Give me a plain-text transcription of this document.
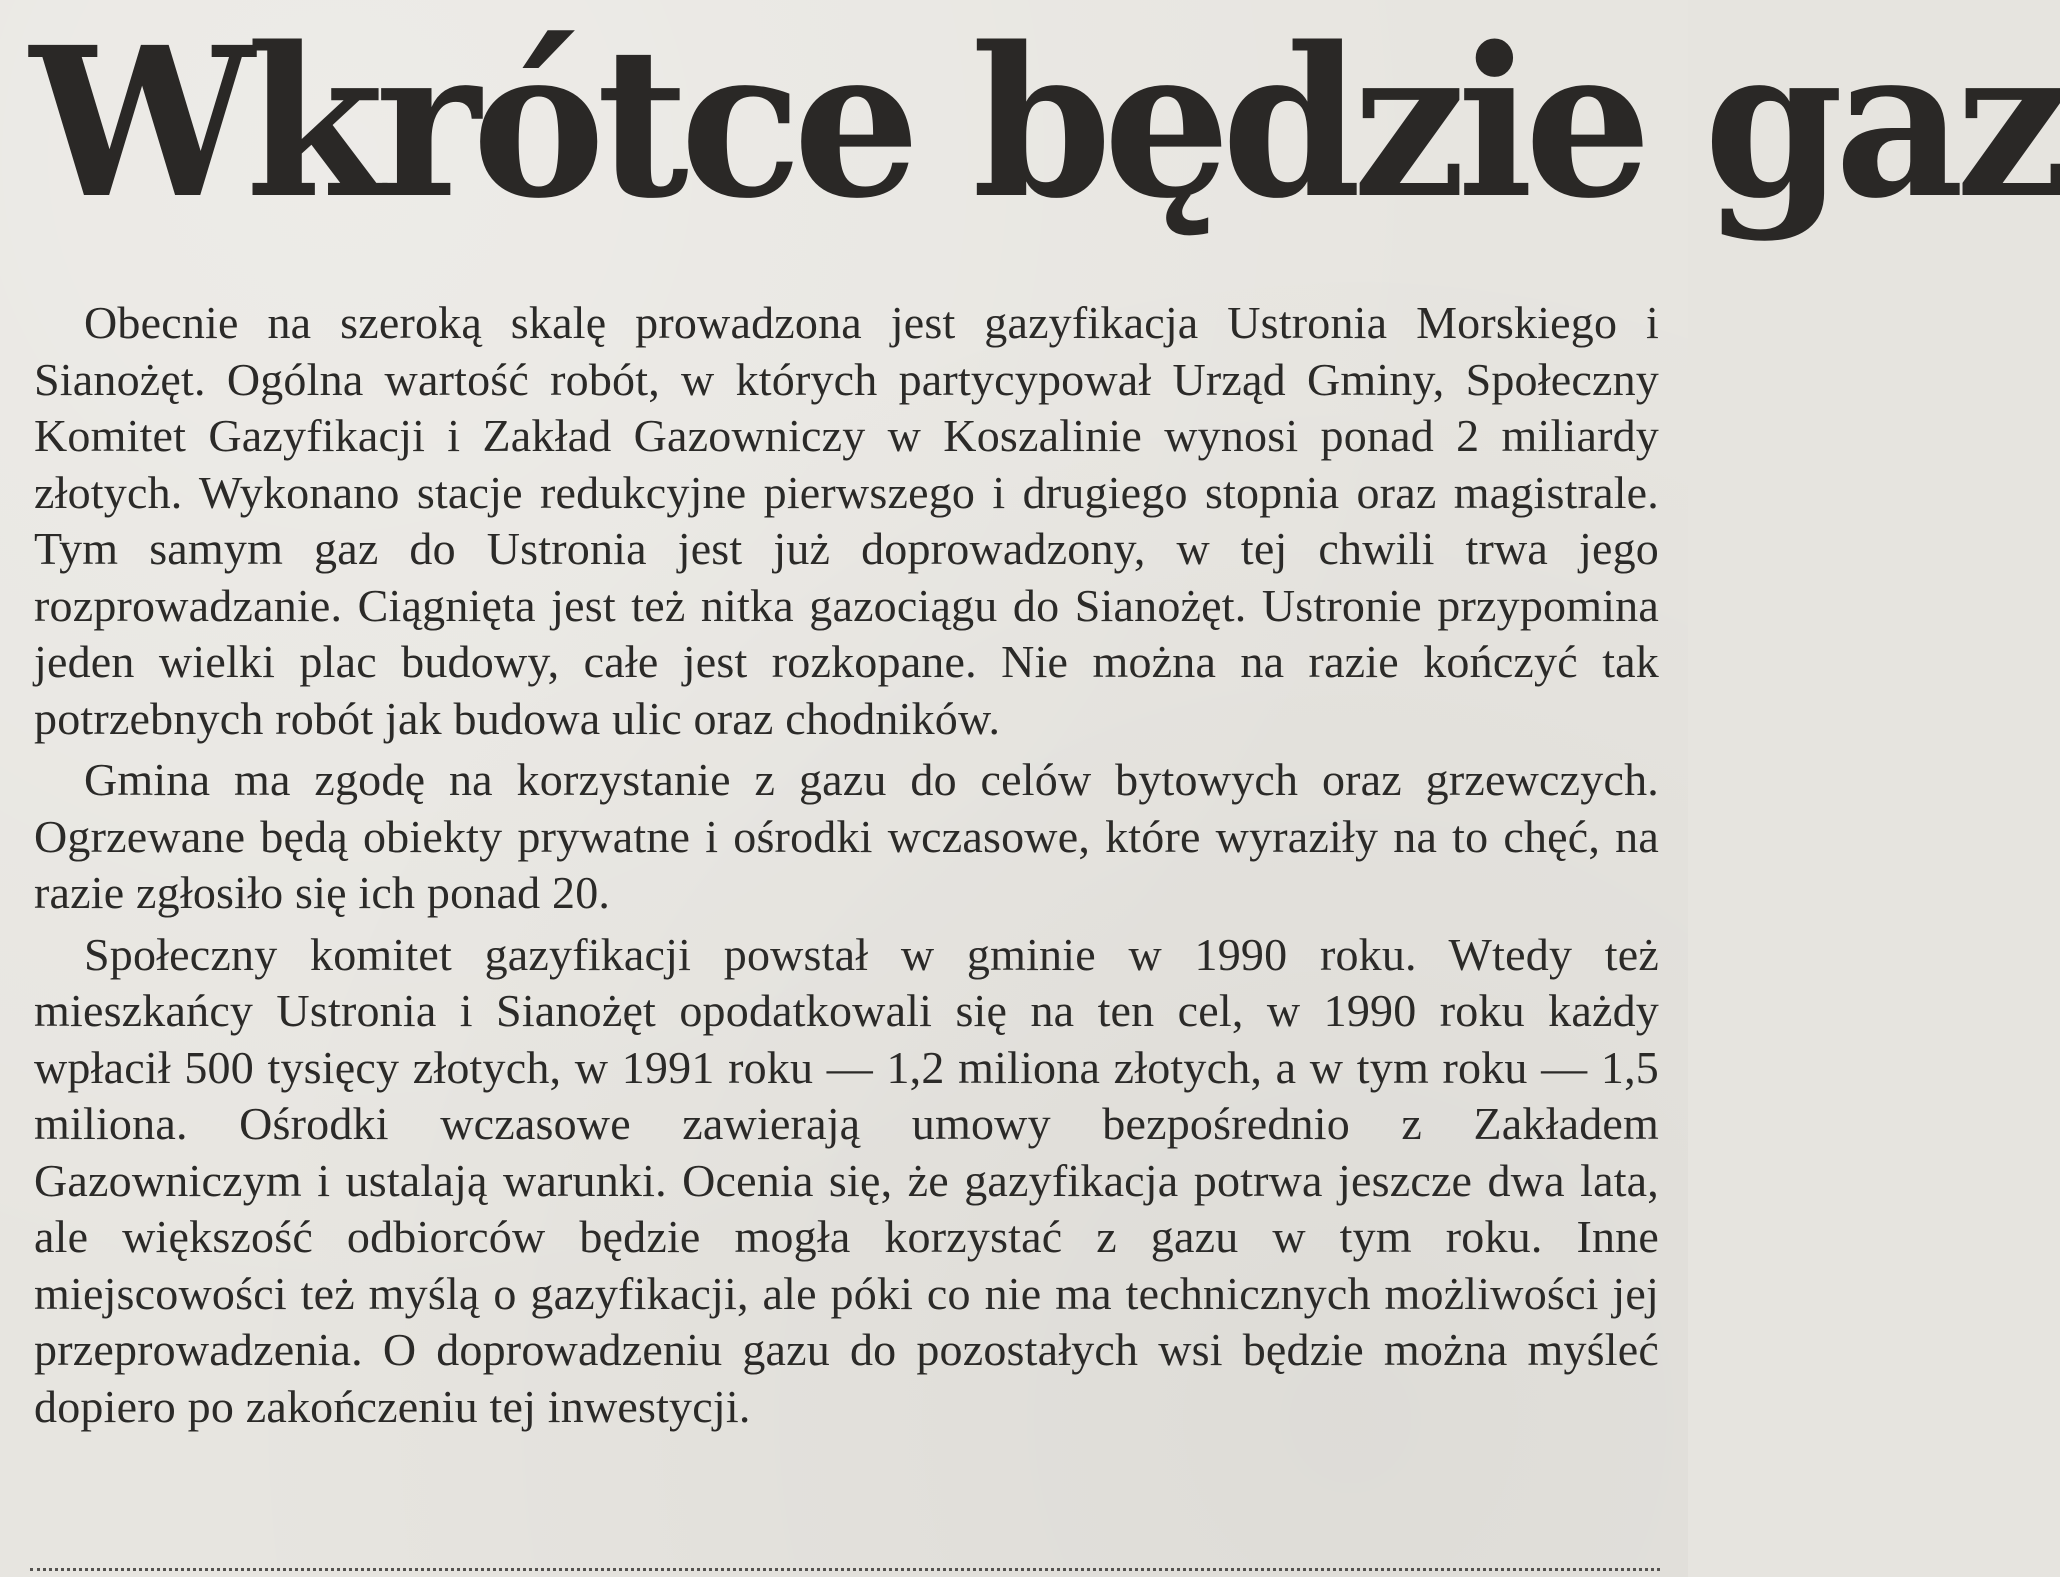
Wkrótce będzie gaz

Obecnie na szeroką skalę prowadzona jest gazyfikacja Ustronia Morskiego i Sianożęt. Ogólna wartość robót, w których partycypował Urząd Gminy, Społeczny Komitet Gazyfikacji i Zakład Gazowniczy w Koszalinie wynosi ponad 2 miliardy złotych. Wykonano stacje redukcyjne pierwszego i drugiego stopnia oraz magistrale. Tym samym gaz do Ustronia jest już doprowadzony, w tej chwili trwa jego rozprowadzanie. Ciągnięta jest też nitka gazociągu do Sianożęt. Ustronie przypomina jeden wielki plac budowy, całe jest rozkopane. Nie można na razie kończyć tak potrzebnych robót jak budowa ulic oraz chodników.

Gmina ma zgodę na korzystanie z gazu do celów bytowych oraz grzewczych. Ogrzewane będą obiekty prywatne i ośrodki wczasowe, które wyraziły na to chęć, na razie zgłosiło się ich ponad 20.

Społeczny komitet gazyfikacji powstał w gminie w 1990 roku. Wtedy też mieszkańcy Ustronia i Sianożęt opodatkowali się na ten cel, w 1990 roku każdy wpłacił 500 tysięcy złotych, w 1991 roku — 1,2 miliona złotych, a w tym roku — 1,5 miliona. Ośrodki wczasowe zawierają umowy bezpośrednio z Zakładem Gazowniczym i ustalają warunki. Ocenia się, że gazyfikacja potrwa jeszcze dwa lata, ale większość odbiorców będzie mogła korzystać z gazu w tym roku. Inne miejscowości też myślą o gazyfikacji, ale póki co nie ma technicznych możliwości jej przeprowadzenia. O doprowadzeniu gazu do pozostałych wsi będzie można myśleć dopiero po zakończeniu tej inwestycji.
